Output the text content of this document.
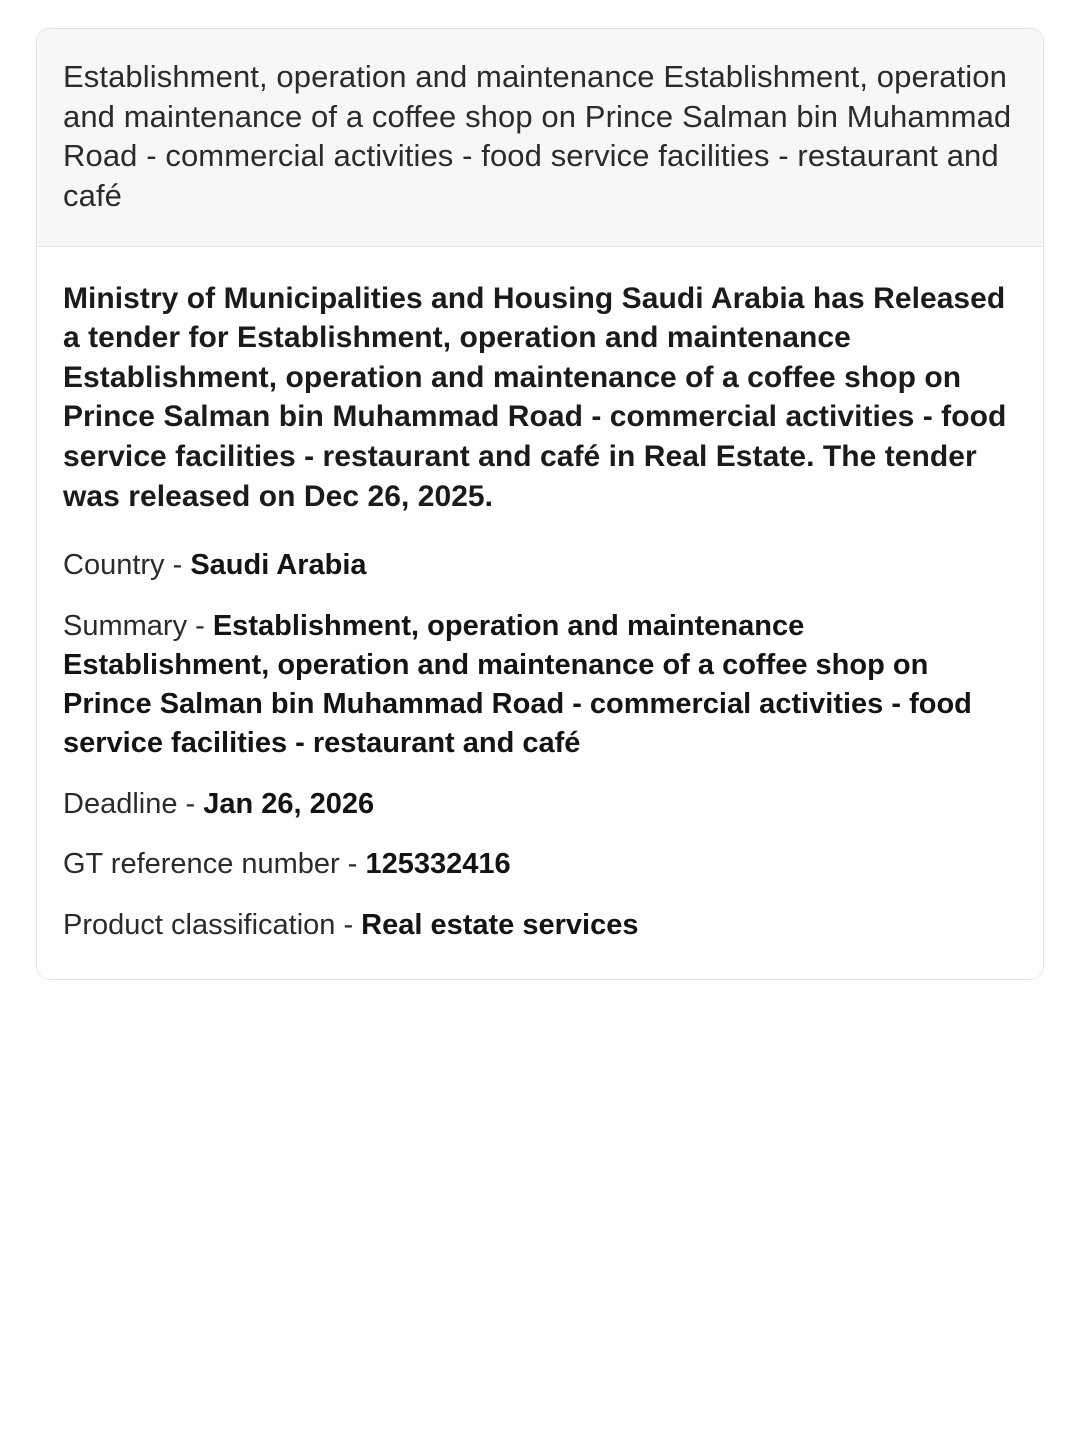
Establishment, operation and maintenance Establishment, operation and maintenance of a coffee shop on Prince Salman bin Muhammad Road - commercial activities - food service facilities - restaurant and café

Ministry of Municipalities and Housing Saudi Arabia has Released a tender for Establishment, operation and maintenance Establishment, operation and maintenance of a coffee shop on Prince Salman bin Muhammad Road - commercial activities - food service facilities - restaurant and café in Real Estate. The tender was released on Dec 26, 2025.

Country - Saudi Arabia

Summary - Establishment, operation and maintenance Establishment, operation and maintenance of a coffee shop on Prince Salman bin Muhammad Road - commercial activities - food service facilities - restaurant and café

Deadline - Jan 26, 2026

GT reference number - 125332416

Product classification - Real estate services
